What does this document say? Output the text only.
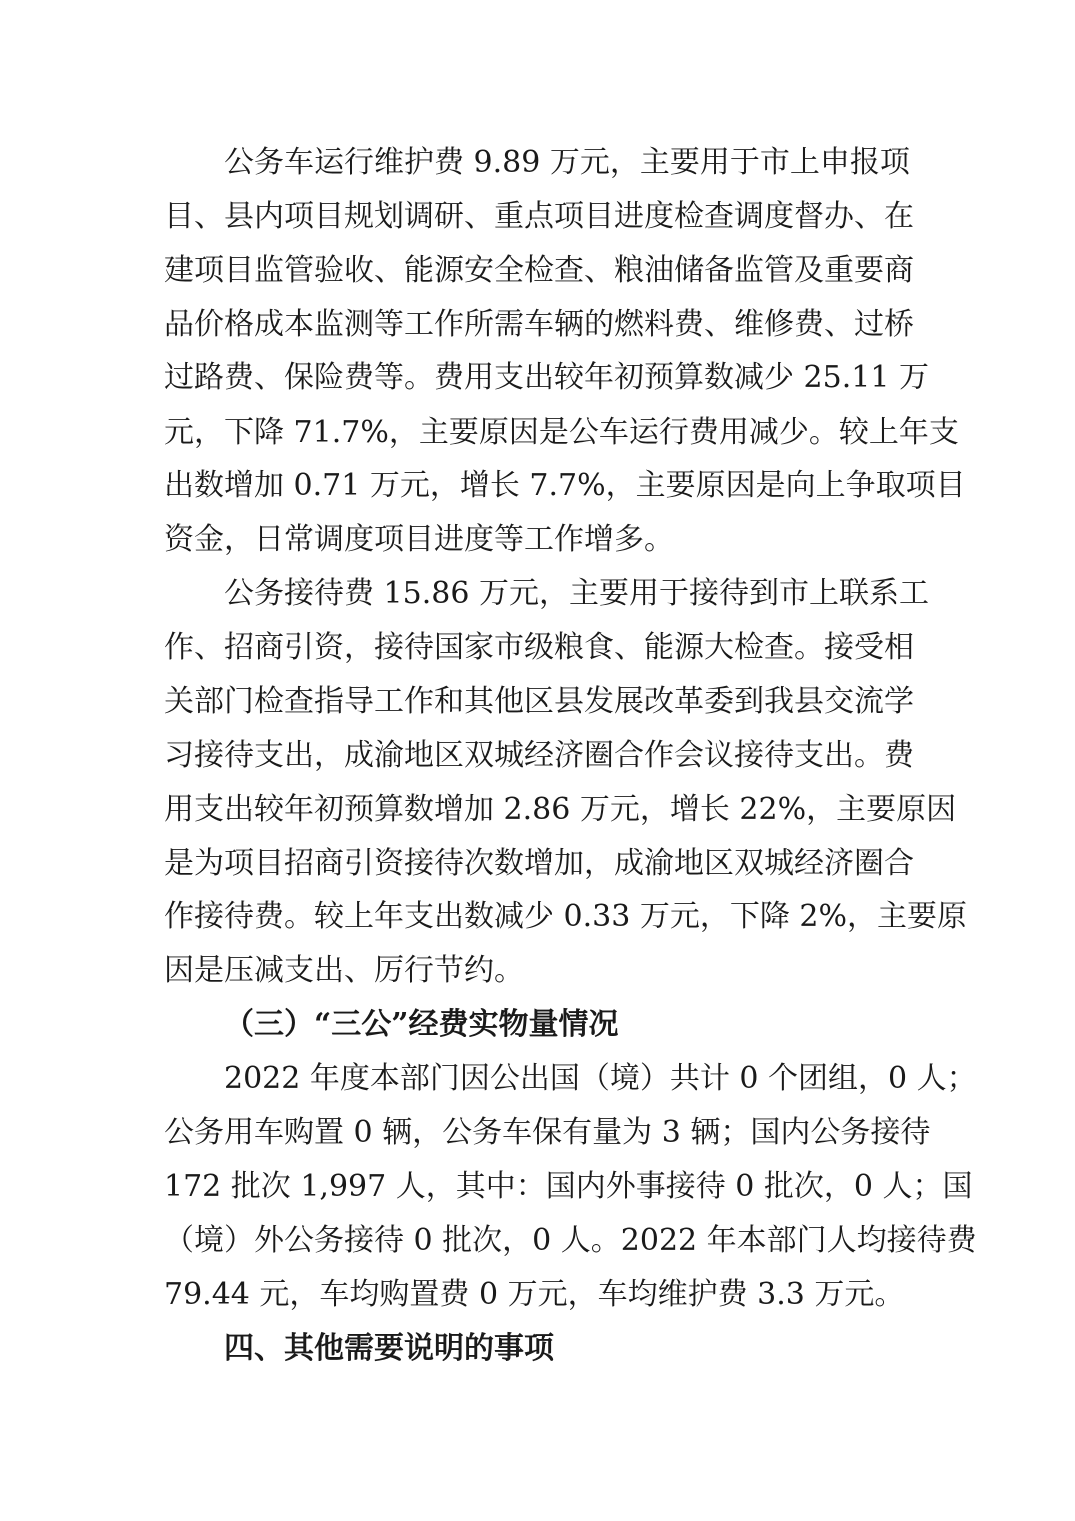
公务车运行维护费 9.89 万元，主要用于市上申报项
目、县内项目规划调研、重点项目进度检查调度督办、在
建项目监管验收、能源安全检查、粮油储备监管及重要商
品价格成本监测等工作所需车辆的燃料费、维修费、过桥
过路费、保险费等。费用支出较年初预算数减少 25.11 万
元，下降 71.7%，主要原因是公车运行费用减少。较上年支
出数增加 0.71 万元，增长 7.7%，主要原因是向上争取项目
资金，日常调度项目进度等工作增多。
公务接待费 15.86 万元，主要用于接待到市上联系工
作、招商引资，接待国家市级粮食、能源大检查。接受相
关部门检查指导工作和其他区县发展改革委到我县交流学
习接待支出，成渝地区双城经济圈合作会议接待支出。费
用支出较年初预算数增加 2.86 万元，增长 22%，主要原因
是为项目招商引资接待次数增加，成渝地区双城经济圈合
作接待费。较上年支出数减少 0.33 万元，下降 2%，主要原
因是压减支出、厉行节约。
（三）“三公”经费实物量情况
2022 年度本部门因公出国（境）共计 0 个团组，0 人；
公务用车购置 0 辆，公务车保有量为 3 辆；国内公务接待
172 批次 1,997 人，其中：国内外事接待 0 批次，0 人；国
（境）外公务接待 0 批次，0 人。2022 年本部门人均接待费
79.44 元，车均购置费 0 万元，车均维护费 3.3 万元。
四、其他需要说明的事项
